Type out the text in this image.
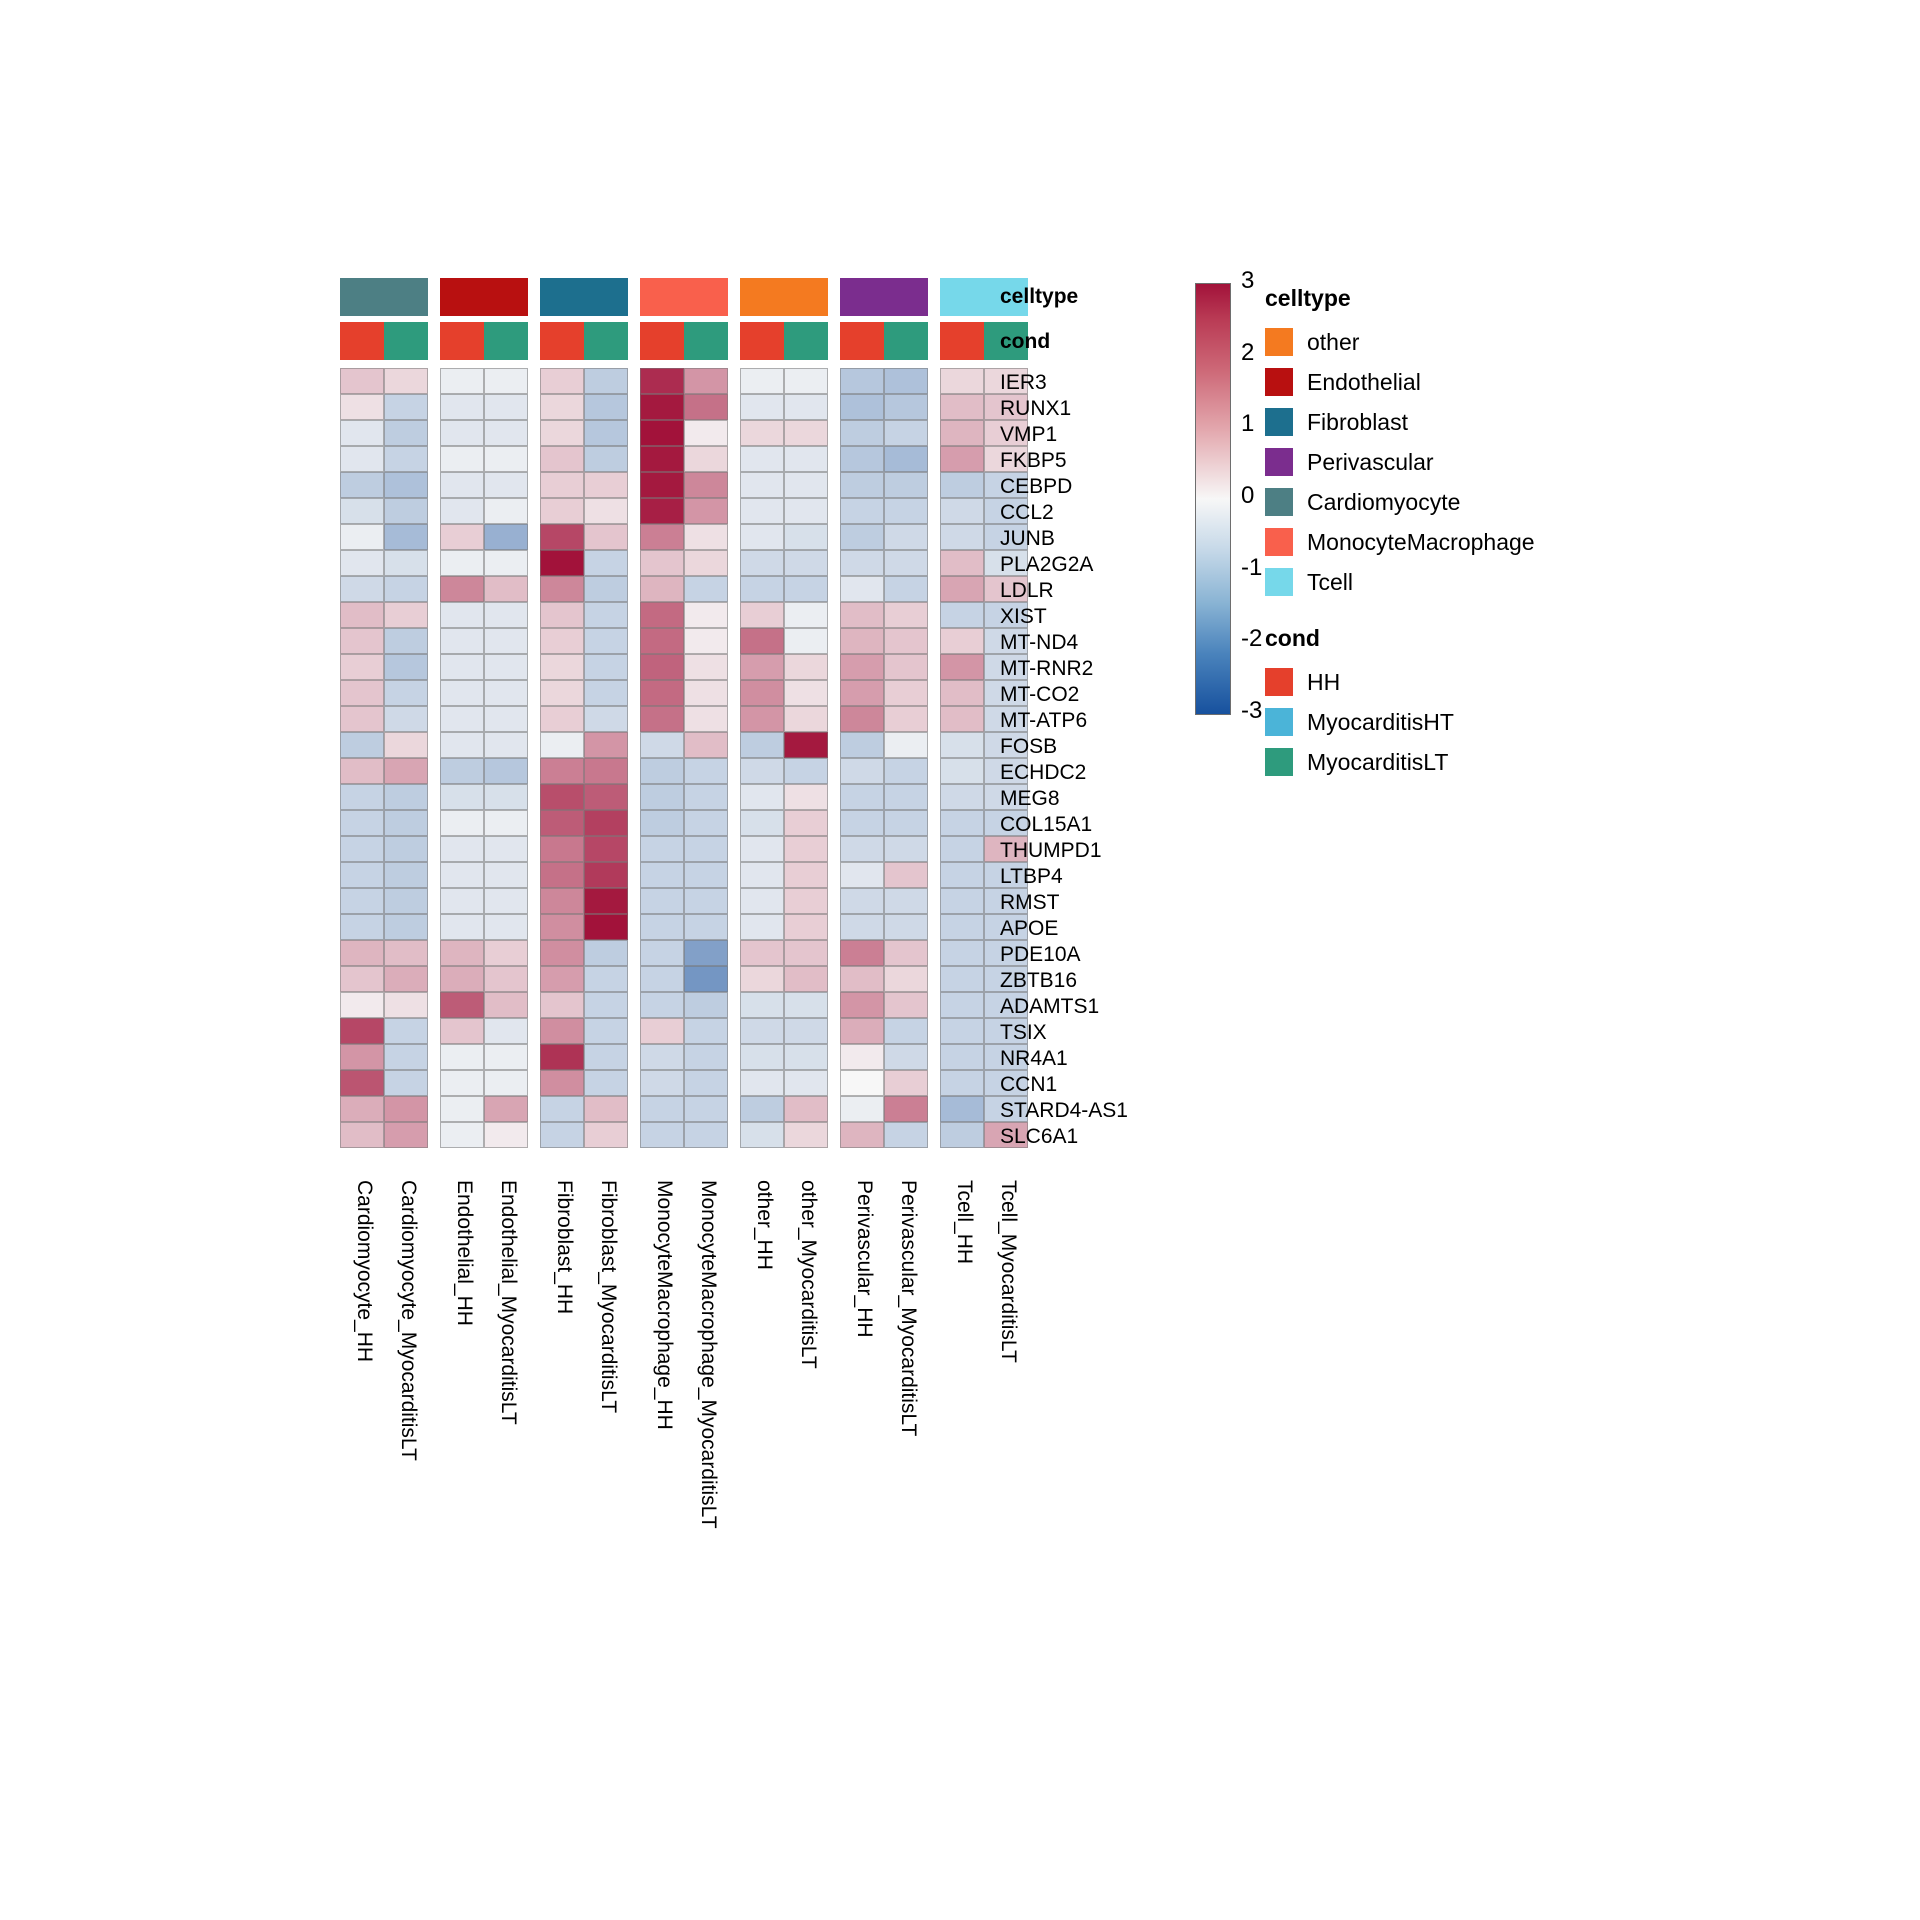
celltype
cond
IER3
RUNX1
VMP1
FKBP5
CEBPD
CCL2
JUNB
PLA2G2A
LDLR
XIST
MT-ND4
MT-RNR2
MT-CO2
MT-ATP6
FOSB
ECHDC2
MEG8
COL15A1
THUMPD1
LTBP4
RMST
APOE
PDE10A
ZBTB16
ADAMTS1
TSIX
NR4A1
CCN1
STARD4-AS1
SLC6A1
Cardiomyocyte_HH Cardiomyocyte_MyocarditisLT Endothelial_HH Endothelial_MyocarditisLT Fibroblast_HH Fibroblast_MyocarditisLT MonocyteMacrophage_HH MonocyteMacrophage_MyocarditisLT other_HH other_MyocarditisLT Perivascular_HH Perivascular_MyocarditisLT Tcell_HH Tcell_MyocarditisLT
3
2
1
0
-1
-2
-3
celltype
other
Endothelial
Fibroblast
Perivascular
Cardiomyocyte
MonocyteMacrophage
Tcell
cond
HH
MyocarditisHT
MyocarditisLT
